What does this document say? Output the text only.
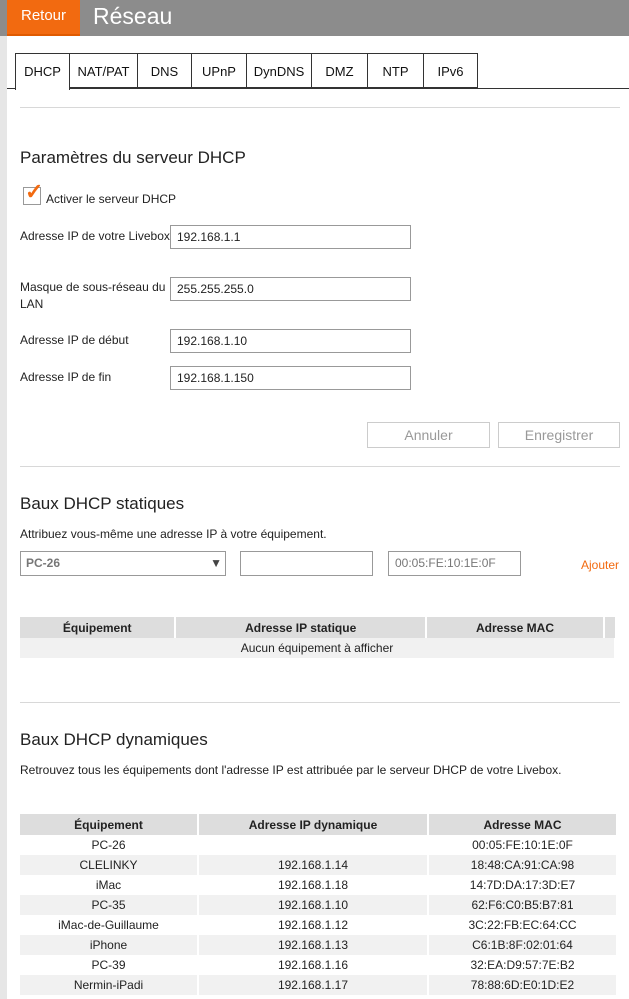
Retour	Réseau
DHCP	NAT/PAT	DNS	UPnP	DynDNS	DMZ	NTP	IPv6
Paramètres du serveur DHCP
✓ Activer le serveur DHCP
Adresse IP de votre Livebox 192.168.1.1
Masque de sous-réseau du LAN
255.255.255.0
Adresse IP de début	192.168.1.10
Adresse IP de fin	192.168.1.150
Annuler	Enregistrer
Baux DHCP statiques
Attribuez vous-même une adresse IP à votre équipement.
PC-26	▼	00:05:FE:10:1E:0F	Ajouter
Équipement	Adresse IP statique	Adresse MAC	
Aucun équipement à afficher
Baux DHCP dynamiques
Retrouvez tous les équipements dont l'adresse IP est attribuée par le serveur DHCP de votre Livebox.
Équipement	Adresse IP dynamique	Adresse MAC
PC-26		00:05:FE:10:1E:0F
CLELINKY	192.168.1.14	18:48:CA:91:CA:98
iMac	192.168.1.18	14:7D:DA:17:3D:E7
PC-35	192.168.1.10	62:F6:C0:B5:B7:81
iMac-de-Guillaume	192.168.1.12	3C:22:FB:EC:64:CC
iPhone	192.168.1.13	C6:1B:8F:02:01:64
PC-39	192.168.1.16	32:EA:D9:57:7E:B2
Nermin-iPadi	192.168.1.17	78:88:6D:E0:1D:E2
